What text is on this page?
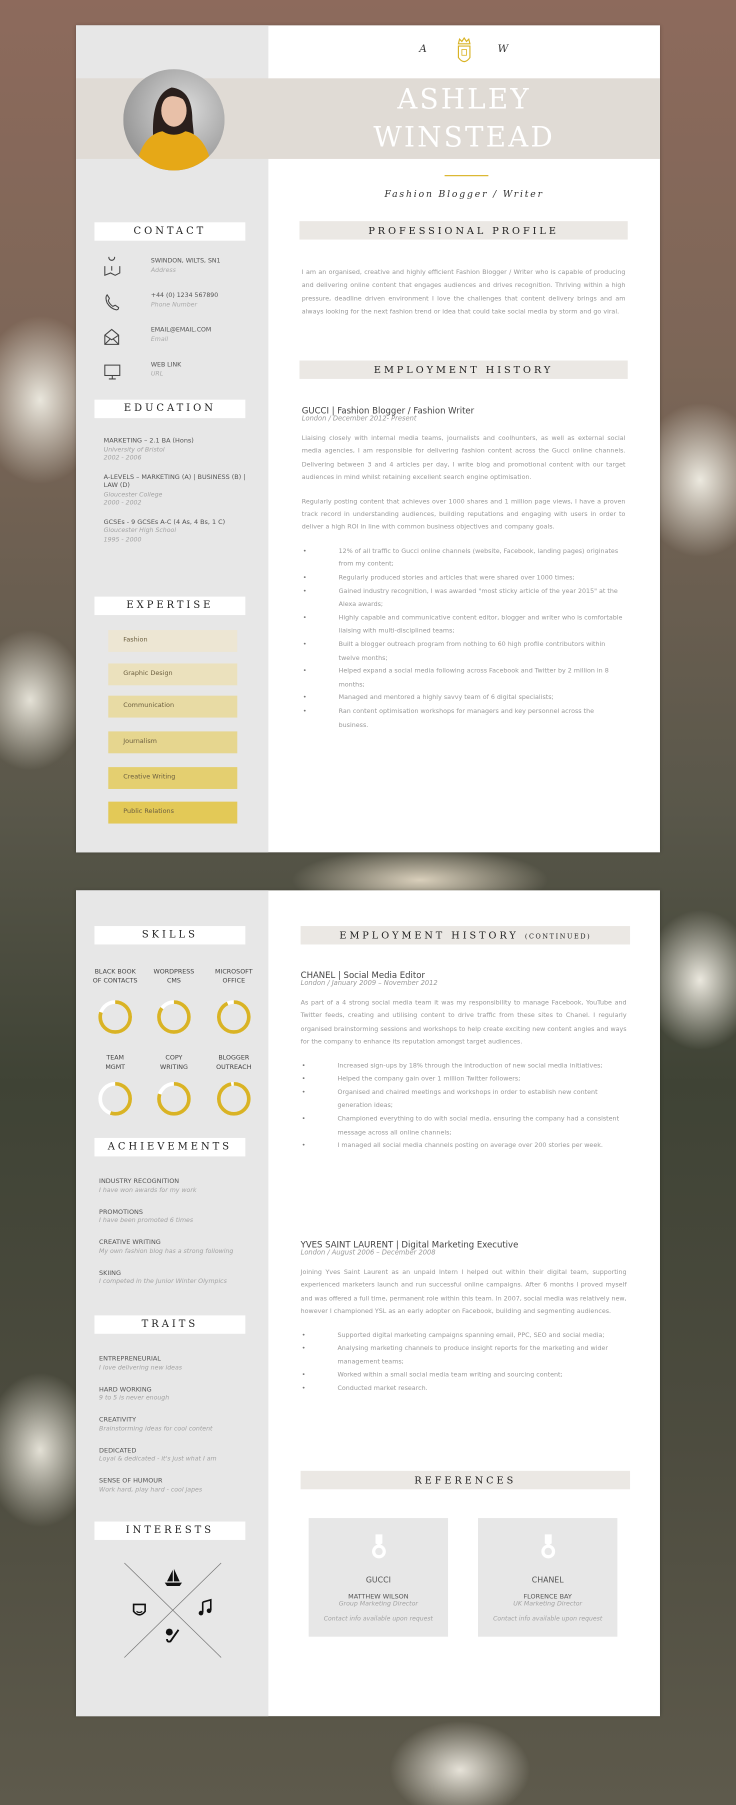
A	W
ASHLEY
WINSTEAD
Fashion Blogger / Writer
CONTACT
SWINDON, WILTS, SN1
Address
+44 (0) 1234 567890
Phone Number
EMAIL@EMAIL.COM
Email
WEB LINK
URL
EDUCATION
MARKETING – 2.1 BA (Hons)
University of Bristol
2002 - 2006
A-LEVELS – MARKETING (A) | BUSINESS (B) | LAW (D)
Gloucester College
2000 - 2002
GCSEs - 9 GCSEs A-C (4 As, 4 Bs, 1 C)
Gloucester High School
1995 - 2000
EXPERTISE
Fashion
Graphic Design
Communication
Journalism
Creative Writing
Public Relations
PROFESSIONAL PROFILE
I am an organised, creative and highly efficient Fashion Blogger / Writer who is capable of producing and delivering online content that engages audiences and drives recognition. Thriving within a high pressure, deadline driven environment I love the challenges that content delivery brings and am always looking for the next fashion trend or idea that could take social media by storm and go viral.
EMPLOYMENT HISTORY
GUCCI | Fashion Blogger / Fashion Writer
London / December 2012- Present
Liaising closely with internal media teams, journalists and coolhunters, as well as external social media agencies, I am responsible for delivering fashion content across the Gucci online channels. Delivering between 3 and 4 articles per day, I write blog and promotional content with our target audiences in mind whilst retaining excellent search engine optimisation.
Regularly posting content that achieves over 1000 shares and 1 million page views, I have a proven track record in understanding audiences, building reputations and engaging with users in order to deliver a high ROI in line with common business objectives and company goals.
• 12% of all traffic to Gucci online channels (website, Facebook, landing pages) originates from my content;
• Regularly produced stories and articles that were shared over 1000 times;
• Gained industry recognition, I was awarded "most sticky article of the year 2015" at the Alexa awards;
• Highly capable and communicative content editor, blogger and writer who is comfortable liaising with multi-disciplined teams;
• Built a blogger outreach program from nothing to 60 high profile contributors within twelve months;
• Helped expand a social media following across Facebook and Twitter by 2 million in 8 months;
• Managed and mentored a highly savvy team of 6 digital specialists;
• Ran content optimisation workshops for managers and key personnel across the business.
SKILLS
BLACK BOOK
OF CONTACTS
WORDPRESS
CMS
MICROSOFT
OFFICE
TEAM
MGMT
COPY
WRITING
BLOGGER
OUTREACH
ACHIEVEMENTS
INDUSTRY RECOGNITION
I have won awards for my work
PROMOTIONS
I have been promoted 6 times
CREATIVE WRITING
My own fashion blog has a strong following
SKIING
I competed in the Junior Winter Olympics
TRAITS
ENTREPRENEURIAL
I love delivering new ideas
HARD WORKING
9 to 5 is never enough
CREATIVITY
Brainstorming ideas for cool content
DEDICATED
Loyal & dedicated - it's just what I am
SENSE OF HUMOUR
Work hard, play hard - cool japes
INTERESTS
EMPLOYMENT HISTORY (CONTINUED)
CHANEL | Social Media Editor
London / January 2009 – November 2012
As part of a 4 strong social media team it was my responsibility to manage Facebook, YouTube and Twitter feeds, creating and utilising content to drive traffic from these sites to Chanel. I regularly organised brainstorming sessions and workshops to help create exciting new content angles and ways for the company to enhance its reputation amongst target audiences.
• Increased sign-ups by 18% through the introduction of new social media initiatives;
• Helped the company gain over 1 million Twitter followers;
• Organised and chaired meetings and workshops in order to establish new content generation ideas;
• Championed everything to do with social media, ensuring the company had a consistent message across all online channels;
• I managed all social media channels posting on average over 200 stories per week.
YVES SAINT LAURENT | Digital Marketing Executive
London / August 2006 – December 2008
Joining Yves Saint Laurent as an unpaid Intern I helped out within their digital team, supporting experienced marketers launch and run successful online campaigns. After 6 months I proved myself and was offered a full time, permanent role within this team. In 2007, social media was relatively new, however I championed YSL as an early adopter on Facebook, building and segmenting audiences.
• Supported digital marketing campaigns spanning email, PPC, SEO and social media;
• Analysing marketing channels to produce insight reports for the marketing and wider management teams;
• Worked within a small social media team writing and sourcing content;
• Conducted market research.
REFERENCES
GUCCI
MATTHEW WILSON
Group Marketing Director
Contact info available upon request
CHANEL
FLORENCE BAY
UK Marketing Director
Contact info available upon request
